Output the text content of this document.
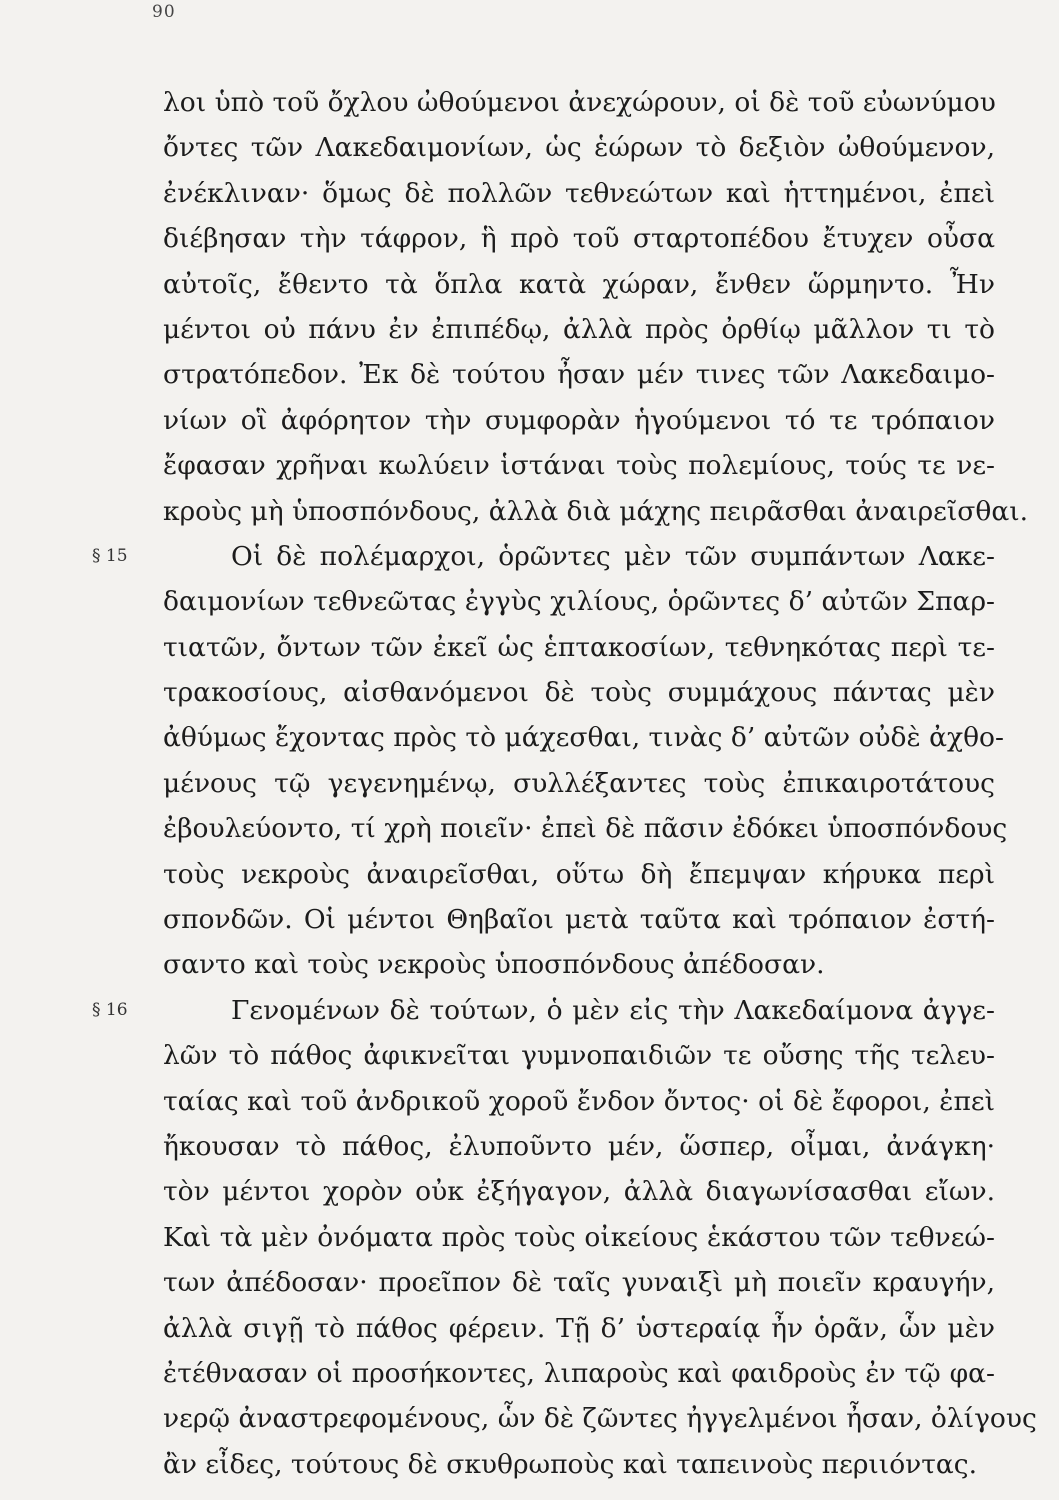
90
λοι ὑπὸ τοῦ ὄχλου ὠθούμενοι ἀνεχώρουν, οἱ δὲ τοῦ εὐωνύμου
ὄντες τῶν Λακεδαιμονίων, ὡς ἑώρων τὸ δεξιὸν ὠθούμενον,
ἐνέκλιναν· ὅμως δὲ πολλῶν τεθνεώτων καὶ ἡττημένοι, ἐπεὶ
διέβησαν τὴν τάφρον, ἣ πρὸ τοῦ σταρτοπέδου ἔτυχεν οὖσα
αὐτοῖς, ἔθεντο τὰ ὅπλα κατὰ χώραν, ἔνθεν ὥρμηντο. Ἦν
μέντοι οὐ πάνυ ἐν ἐπιπέδῳ, ἀλλὰ πρὸς ὀρθίῳ μᾶλλον τι τὸ
στρατόπεδον. Ἐκ δὲ τούτου ἦσαν μέν τινες τῶν Λακεδαιμο-
νίων οἳ ἀφόρητον τὴν συμφορὰν ἡγούμενοι τό τε τρόπαιον
ἔφασαν χρῆναι κωλύειν ἱστάναι τοὺς πολεμίους, τούς τε νε-
κροὺς μὴ ὑποσπόνδους, ἀλλὰ διὰ μάχης πειρᾶσθαι ἀναιρεῖσθαι.
§ 15	Οἱ δὲ πολέμαρχοι, ὁρῶντες μὲν τῶν συμπάντων Λακε-
δαιμονίων τεθνεῶτας ἐγγὺς χιλίους, ὁρῶντες δ’ αὐτῶν Σπαρ-
τιατῶν, ὄντων τῶν ἐκεῖ ὡς ἑπτακοσίων, τεθνηκότας περὶ τε-
τρακοσίους, αἰσθανόμενοι δὲ τοὺς συμμάχους πάντας μὲν
ἀθύμως ἔχοντας πρὸς τὸ μάχεσθαι, τινὰς δ’ αὐτῶν οὐδὲ ἀχθο-
μένους τῷ γεγενημένῳ, συλλέξαντες τοὺς ἐπικαιροτάτους
ἐβουλεύοντο, τί χρὴ ποιεῖν· ἐπεὶ δὲ πᾶσιν ἐδόκει ὑποσπόνδους
τοὺς νεκροὺς ἀναιρεῖσθαι, οὕτω δὴ ἔπεμψαν κήρυκα περὶ
σπονδῶν. Οἱ μέντοι Θηβαῖοι μετὰ ταῦτα καὶ τρόπαιον ἐστή-
σαντο καὶ τοὺς νεκροὺς ὑποσπόνδους ἀπέδοσαν.
§ 16	Γενομένων δὲ τούτων, ὁ μὲν εἰς τὴν Λακεδαίμονα ἀγγε-
λῶν τὸ πάθος ἀφικνεῖται γυμνοπαιδιῶν τε οὔσης τῆς τελευ-
ταίας καὶ τοῦ ἀνδρικοῦ χοροῦ ἔνδον ὄντος· οἱ δὲ ἔφοροι, ἐπεὶ
ἤκουσαν τὸ πάθος, ἐλυποῦντο μέν, ὥσπερ, οἶμαι, ἀνάγκη·
τὸν μέντοι χορὸν οὐκ ἐξήγαγον, ἀλλὰ διαγωνίσασθαι εἴων.
Καὶ τὰ μὲν ὀνόματα πρὸς τοὺς οἰκείους ἑκάστου τῶν τεθνεώ-
των ἀπέδοσαν· προεῖπον δὲ ταῖς γυναιξὶ μὴ ποιεῖν κραυγήν,
ἀλλὰ σιγῇ τὸ πάθος φέρειν. Τῇ δ’ ὑστεραίᾳ ἦν ὁρᾶν, ὧν μὲν
ἐτέθνασαν οἱ προσήκοντες, λιπαροὺς καὶ φαιδροὺς ἐν τῷ φα-
νερῷ ἀναστρεφομένους, ὧν δὲ ζῶντες ἠγγελμένοι ἦσαν, ὀλίγους
ἂν εἶδες, τούτους δὲ σκυθρωποὺς καὶ ταπεινοὺς περιιόντας.
